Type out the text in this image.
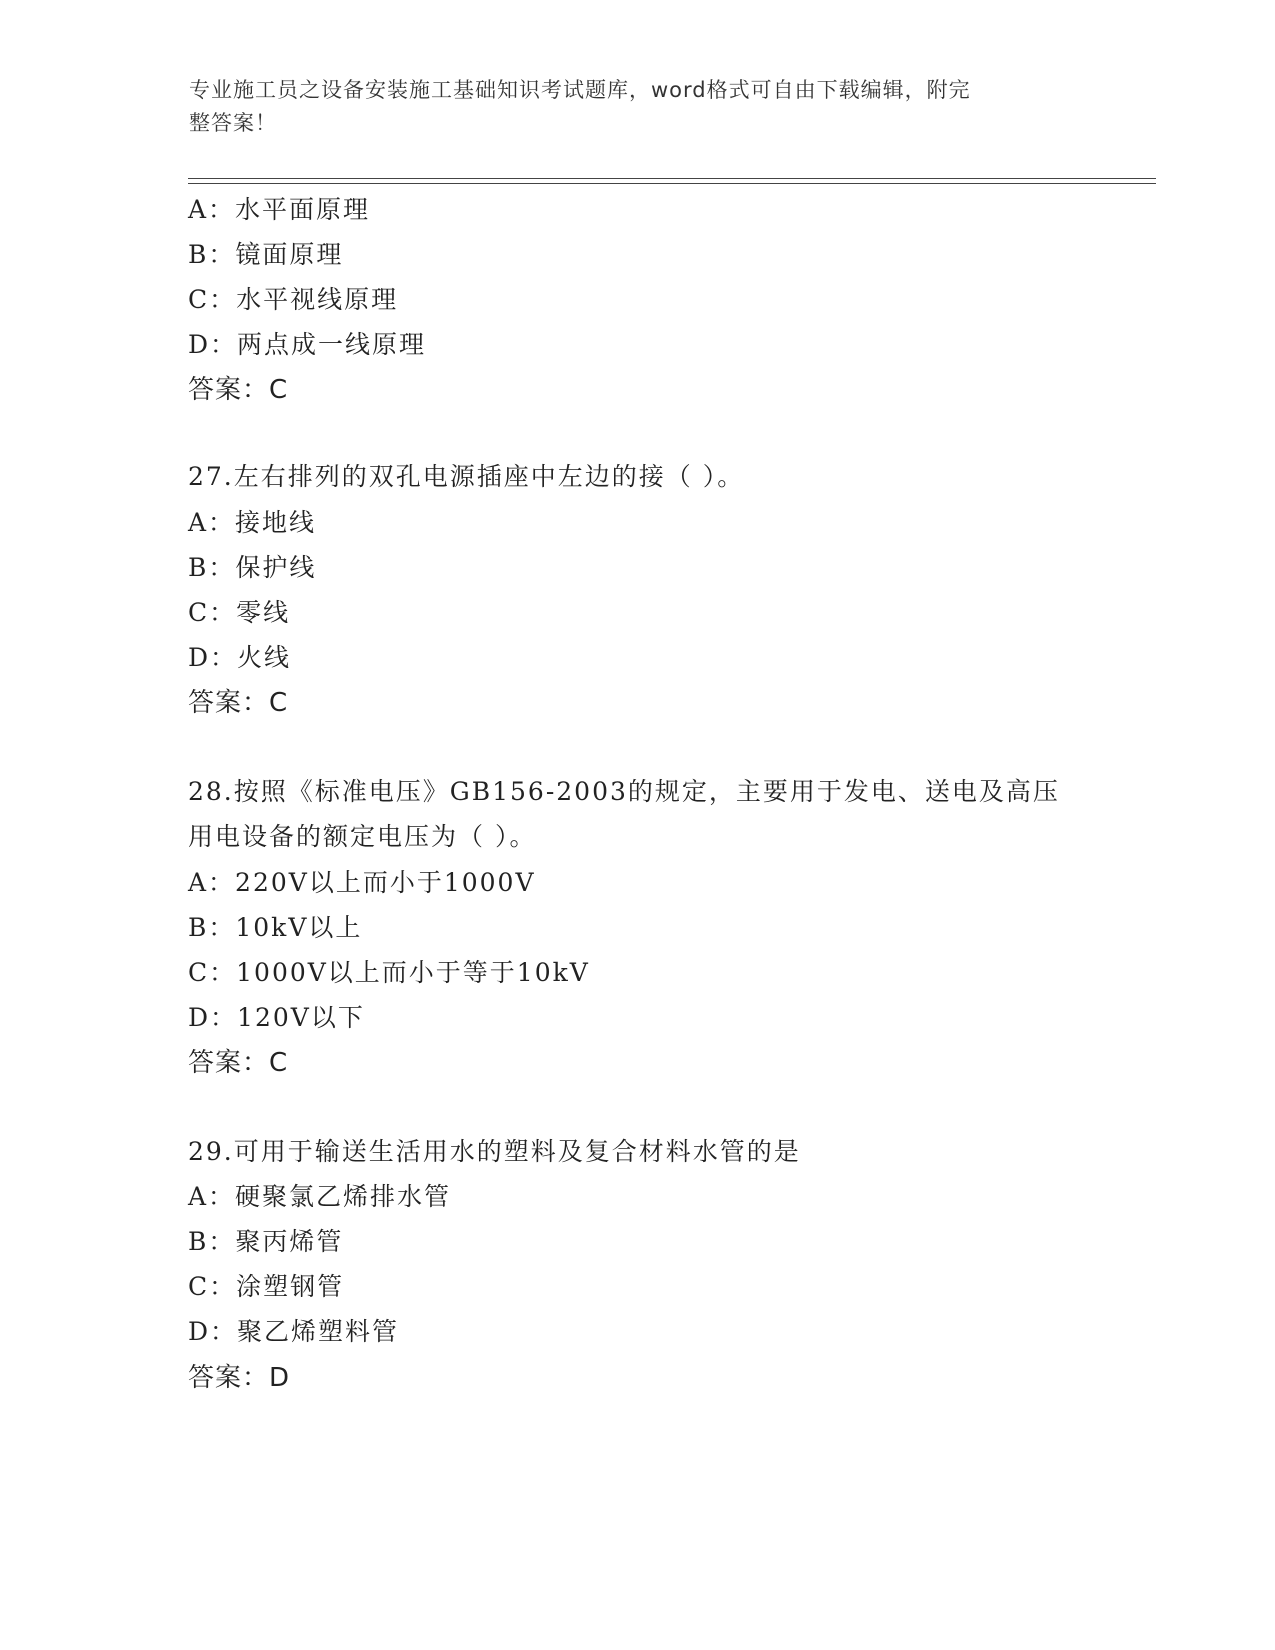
专业施工员之设备安装施工基础知识考试题库，word格式可自由下载编辑，附完
整答案！
A：水平面原理
B：镜面原理
C：水平视线原理
D：两点成一线原理
答案：C
27.左右排列的双孔电源插座中左边的接（ ）。
A：接地线
B：保护线
C：零线
D：火线
答案：C
28.按照《标准电压》GB156-2003的规定，主要用于发电、送电及高压
用电设备的额定电压为（ ）。
A：220V以上而小于1000V
B：10kV以上
C：1000V以上而小于等于10kV
D：120V以下
答案：C
29.可用于输送生活用水的塑料及复合材料水管的是
A：硬聚氯乙烯排水管
B：聚丙烯管
C：涂塑钢管
D：聚乙烯塑料管
答案：D
